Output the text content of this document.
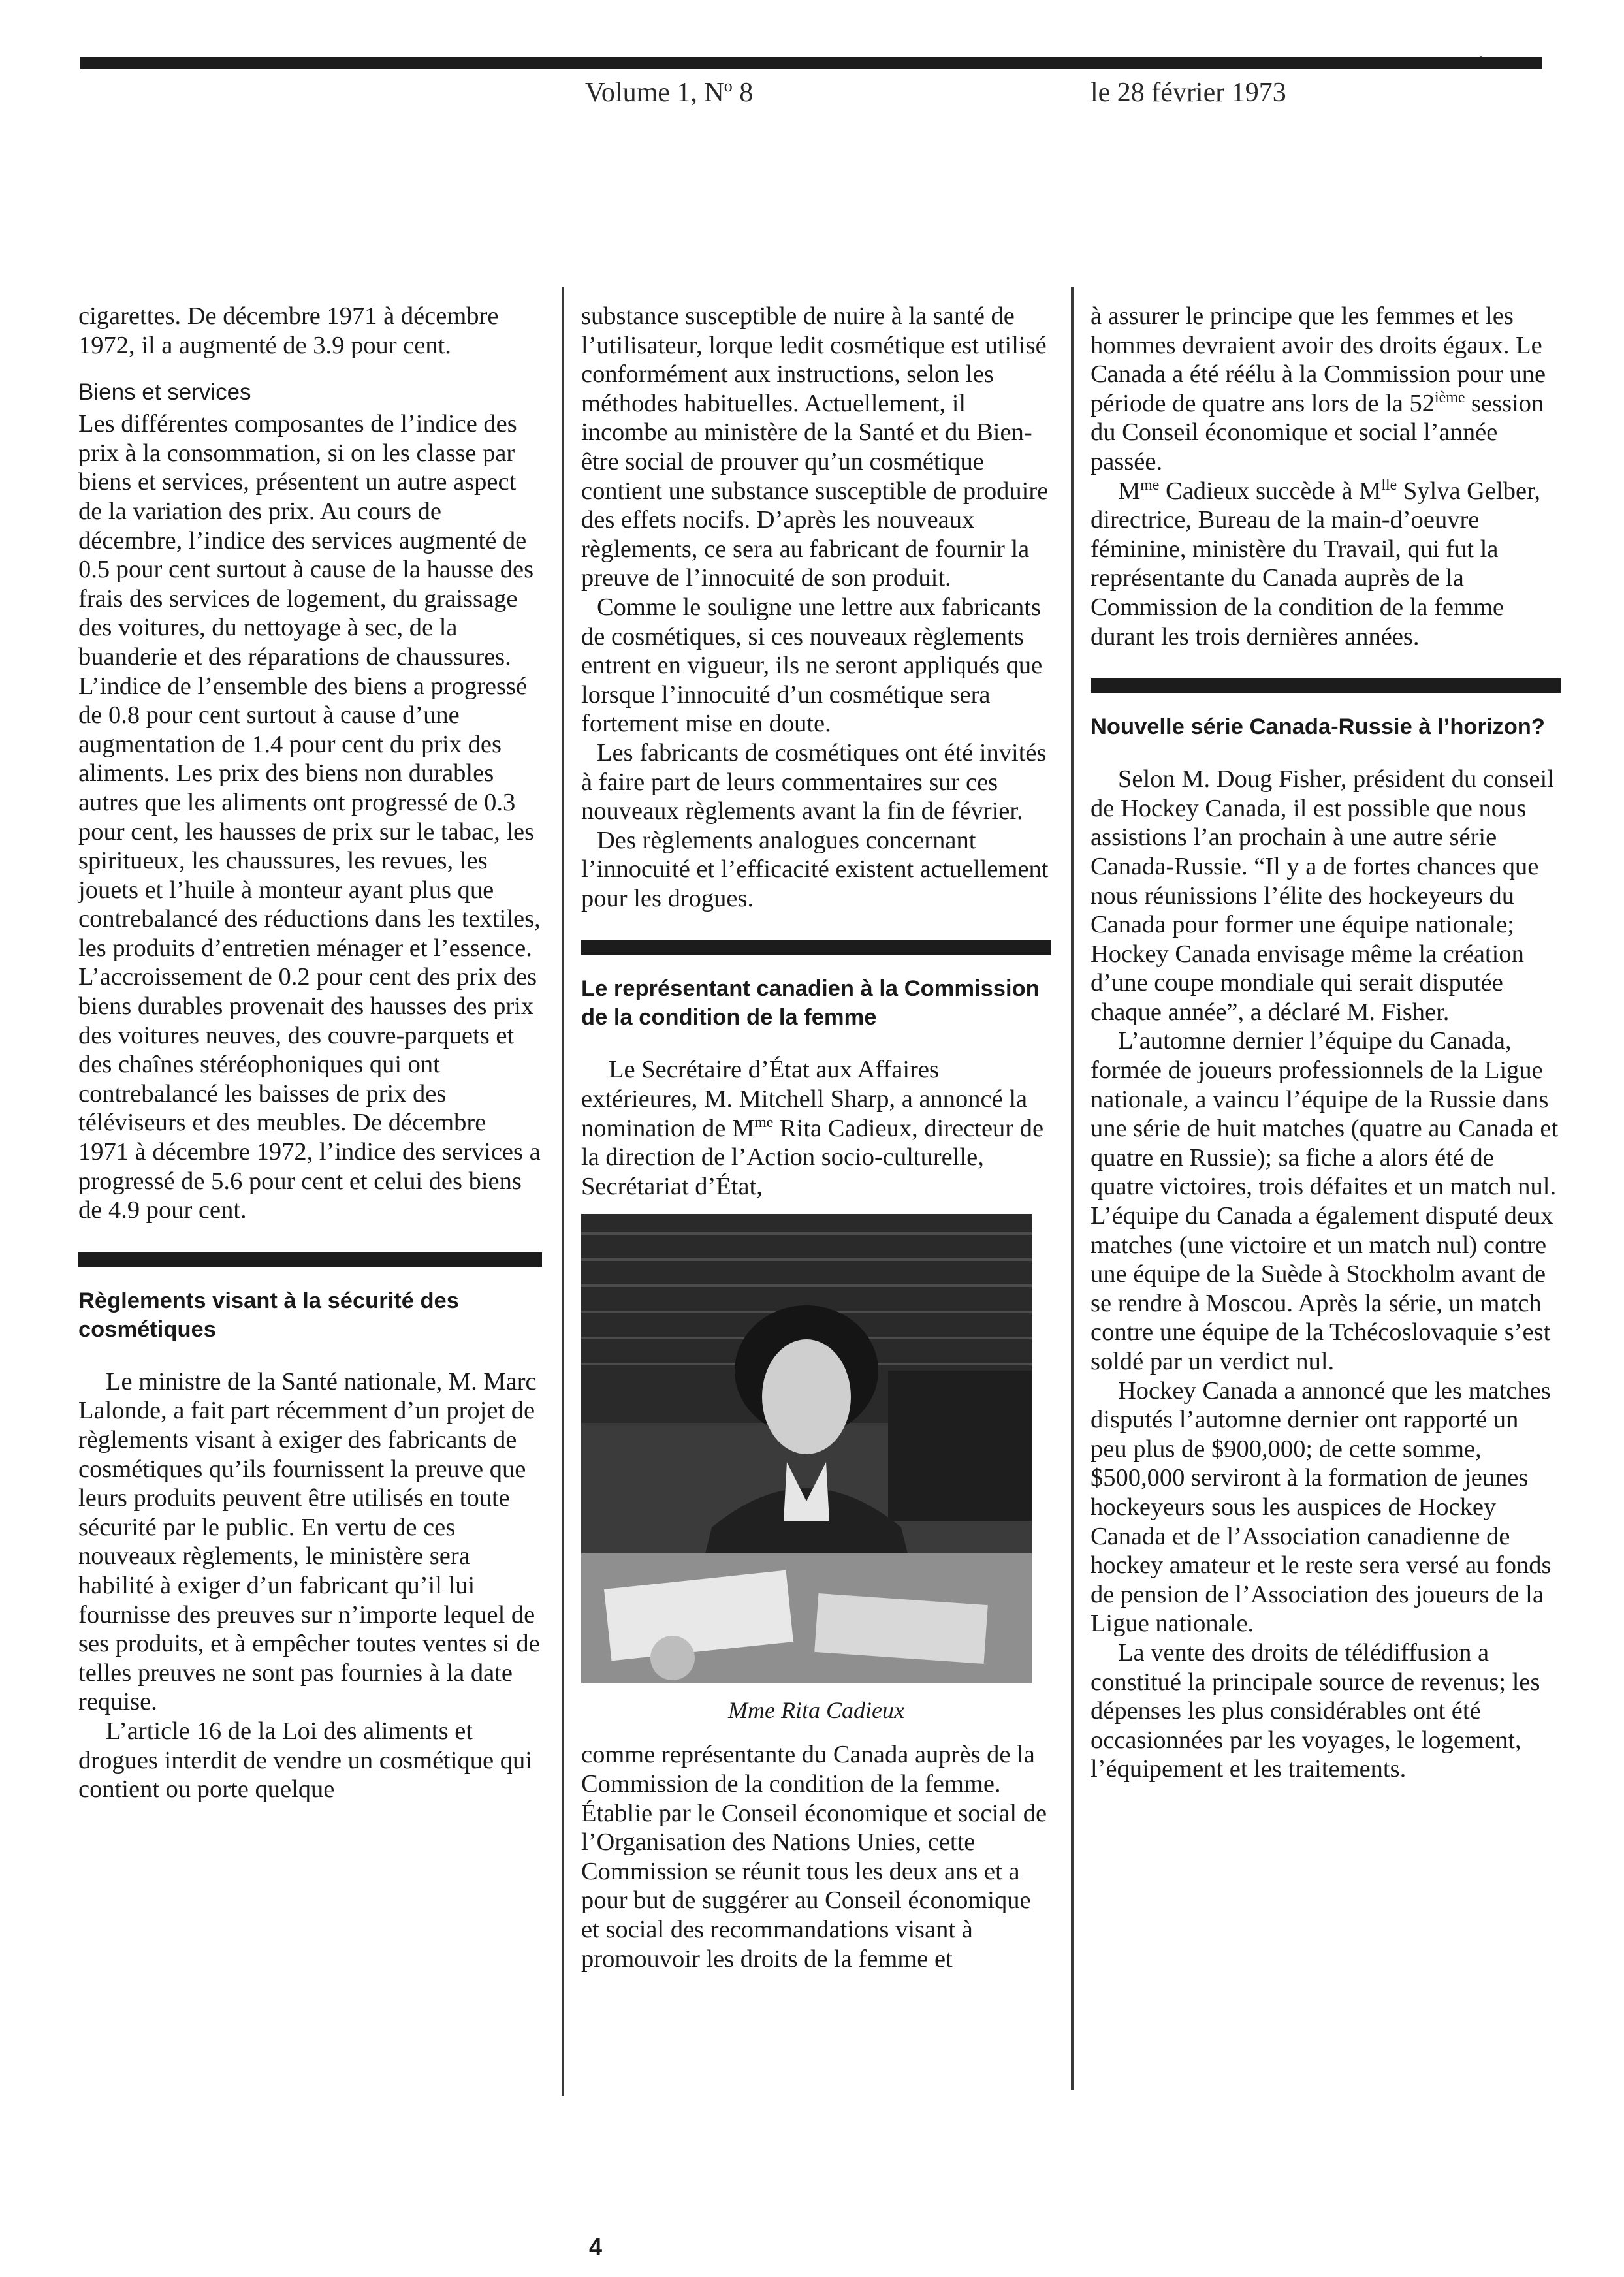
• -
Volume 1, $N^o$ 8	le 28 février 1973

cigarettes. De décembre 1971 à décembre 1972, il a augmenté de 3.9 pour cent.

Biens et services

Les différentes composantes de l’indice des prix à la consommation, si on les classe par biens et services, présentent un autre aspect de la variation des prix. Au cours de décembre, l’indice des services augmenté de 0.5 pour cent surtout à cause de la hausse des frais des services de logement, du graissage des voitures, du nettoyage à sec, de la buanderie et des réparations de chaussures. L’indice de l’ensemble des biens a progressé de 0.8 pour cent surtout à cause d’une augmentation de 1.4 pour cent du prix des aliments. Les prix des biens non durables autres que les aliments ont progressé de 0.3 pour cent, les hausses de prix sur le tabac, les spiritueux, les chaussures, les revues, les jouets et l’huile à monteur ayant plus que contrebalancé des réductions dans les textiles, les produits d’entretien ménager et l’essence. L’accroissement de 0.2 pour cent des prix des biens durables provenait des hausses des prix des voitures neuves, des couvre-parquets et des chaînes stéréophoniques qui ont contrebalancé les baisses de prix des téléviseurs et des meubles. De décembre 1971 à décembre 1972, l’indice des services a progressé de 5.6 pour cent et celui des biens de 4.9 pour cent.

Règlements visant à la sécurité des cosmétiques

Le ministre de la Santé nationale, M. Marc Lalonde, a fait part récemment d’un projet de règlements visant à exiger des fabricants de cosmétiques qu’ils fournissent la preuve que leurs produits peuvent être utilisés en toute sécurité par le public. En vertu de ces nouveaux règlements, le ministère sera habilité à exiger d’un fabricant qu’il lui fournisse des preuves sur n’importe lequel de ses produits, et à empêcher toutes ventes si de telles preuves ne sont pas fournies à la date requise.

L’article 16 de la Loi des aliments et drogues interdit de vendre un cosmétique qui contient ou porte quelque

substance susceptible de nuire à la santé de l’utilisateur, lorque ledit cosmétique est utilisé conformément aux instructions, selon les méthodes habituelles. Actuellement, il incombe au ministère de la Santé et du Bien-être social de prouver qu’un cosmétique contient une substance susceptible de produire des effets nocifs. D’après les nouveaux règlements, ce sera au fabricant de fournir la preuve de l’innocuité de son produit.

Comme le souligne une lettre aux fabricants de cosmétiques, si ces nouveaux règlements entrent en vigueur, ils ne seront appliqués que lorsque l’innocuité d’un cosmétique sera fortement mise en doute.

Les fabricants de cosmétiques ont été invités à faire part de leurs commentaires sur ces nouveaux règlements avant la fin de février.

Des règlements analogues concernant l’innocuité et l’efficacité existent actuellement pour les drogues.

Le représentant canadien à la Commission de la condition de la femme

Le Secrétaire d’État aux Affaires extérieures, M. Mitchell Sharp, a annoncé la nomination de $M^{me}$ Rita Cadieux, directeur de la direction de l’Action socio-culturelle, Secrétariat d’État,

Mme Rita Cadieux

comme représentante du Canada auprès de la Commission de la condition de la femme. Établie par le Conseil économique et social de l’Organisation des Nations Unies, cette Commission se réunit tous les deux ans et a pour but de suggérer au Conseil économique et social des recommandations visant à promouvoir les droits de la femme et

à assurer le principe que les femmes et les hommes devraient avoir des droits égaux. Le Canada a été réélu à la Commission pour une période de quatre ans lors de la 52ième session du Conseil économique et social l’année passée.

$M^{me}$ Cadieux succède à $M^{lle}$ Sylva Gelber, directrice, Bureau de la main-d’oeuvre féminine, ministère du Travail, qui fut la représentante du Canada auprès de la Commission de la condition de la femme durant les trois dernières années.

Nouvelle série Canada-Russie à l’horizon?

Selon M. Doug Fisher, président du conseil de Hockey Canada, il est possible que nous assistions l’an prochain à une autre série Canada-Russie. “Il y a de fortes chances que nous réunissions l’élite des hockeyeurs du Canada pour former une équipe nationale; Hockey Canada envisage même la création d’une coupe mondiale qui serait disputée chaque année”, a déclaré M. Fisher.

L’automne dernier l’équipe du Canada, formée de joueurs professionnels de la Ligue nationale, a vaincu l’équipe de la Russie dans une série de huit matches (quatre au Canada et quatre en Russie); sa fiche a alors été de quatre victoires, trois défaites et un match nul. L’équipe du Canada a également disputé deux matches (une victoire et un match nul) contre une équipe de la Suède à Stockholm avant de se rendre à Moscou. Après la série, un match contre une équipe de la Tchécoslovaquie s’est soldé par un verdict nul.

Hockey Canada a annoncé que les matches disputés l’automne dernier ont rapporté un peu plus de $900,000; de cette somme, $500,000 serviront à la formation de jeunes hockeyeurs sous les auspices de Hockey Canada et de l’Association canadienne de hockey amateur et le reste sera versé au fonds de pension de l’Association des joueurs de la Ligue nationale.

La vente des droits de télédiffusion a constitué la principale source de revenus; les dépenses les plus considérables ont été occasionnées par les voyages, le logement, l’équipement et les traitements.

4
